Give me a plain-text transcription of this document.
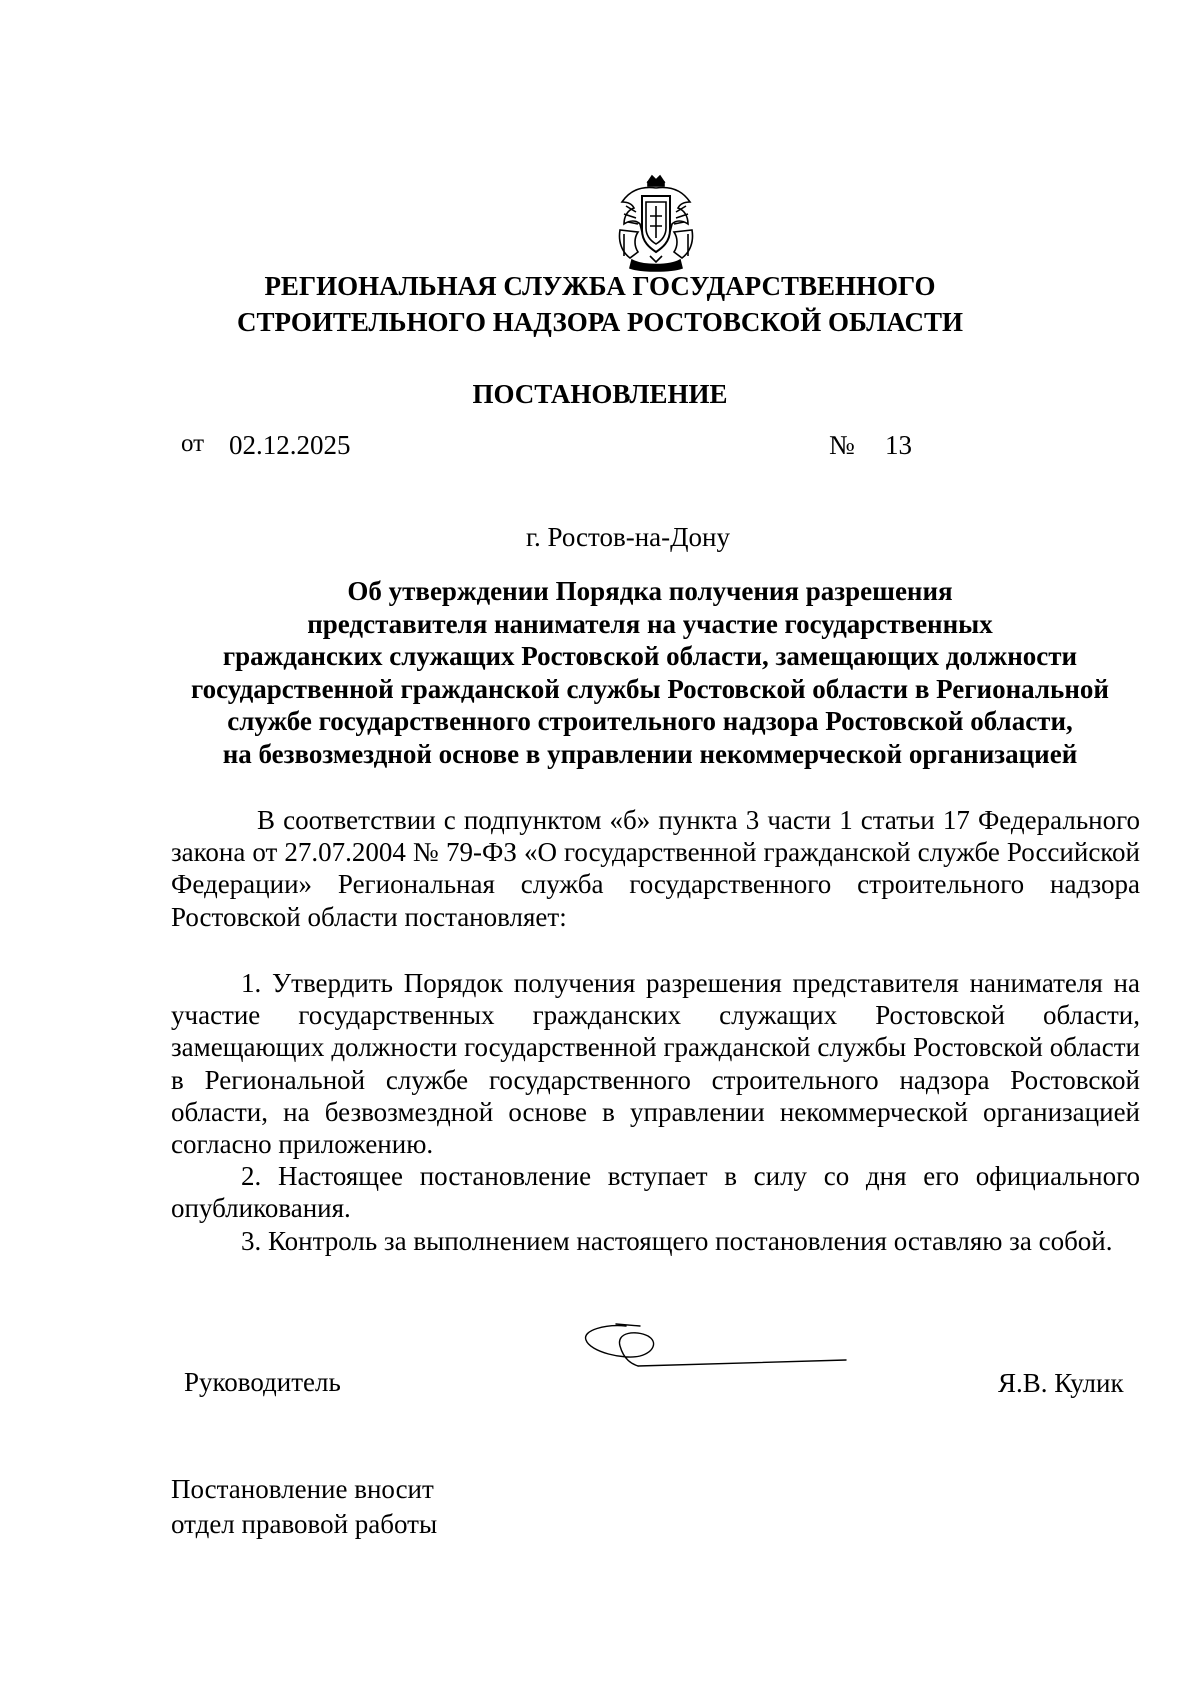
РЕГИОНАЛЬНАЯ СЛУЖБА ГОСУДАРСТВЕННОГО
СТРОИТЕЛЬНОГО НАДЗОРА РОСТОВСКОЙ ОБЛАСТИ
ПОСТАНОВЛЕНИЕ
от 02.12.2025	№ 13
г. Ростов-на-Дону
Об утверждении Порядка получения разрешения
представителя нанимателя на участие государственных
гражданских служащих Ростовской области, замещающих должности
государственной гражданской службы Ростовской области в Региональной
службе государственного строительного надзора Ростовской области,
на безвозмездной основе в управлении некоммерческой организацией

В соответствии с подпунктом «б» пункта 3 части 1 статьи 17 Федерального закона от 27.07.2004 № 79-ФЗ «О государственной гражданской службе Российской Федерации» Региональная служба государственного строительного надзора Ростовской области постановляет:

1. Утвердить Порядок получения разрешения представителя нанимателя на участие государственных гражданских служащих Ростовской области, замещающих должности государственной гражданской службы Ростовской области в Региональной службе государственного строительного надзора Ростовской области, на безвозмездной основе в управлении некоммерческой организацией согласно приложению.

2. Настоящее постановление вступает в силу со дня его официального опубликования.

3. Контроль за выполнением настоящего постановления оставляю за собой.

Руководитель	Я.В. Кулик
Постановление вносит
отдел правовой работы
